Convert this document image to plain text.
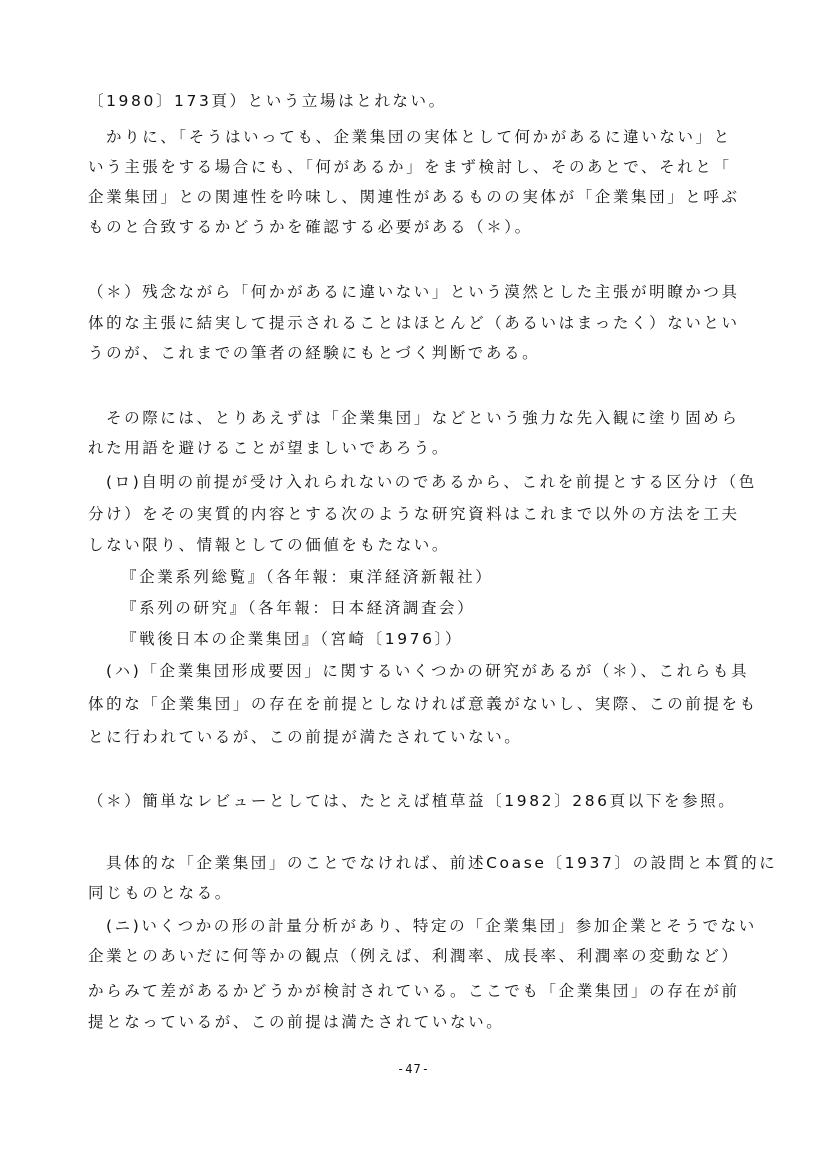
〔1980〕173頁）という立場はとれない。
かりに、「そうはいっても、企業集団の実体として何かがあるに違いない」と
いう主張をする場合にも、「何があるか」をまず検討し、そのあとで、それと「
企業集団」との関連性を吟味し、関連性があるものの実体が「企業集団」と呼ぶ
ものと合致するかどうかを確認する必要がある（＊）。
（＊）残念ながら「何かがあるに違いない」という漠然とした主張が明瞭かつ具
体的な主張に結実して提示されることはほとんど（あるいはまったく）ないとい
うのが、これまでの筆者の経験にもとづく判断である。
その際には、とりあえずは「企業集団」などという強力な先入観に塗り固めら
れた用語を避けることが望ましいであろう。
(ロ)自明の前提が受け入れられないのであるから、これを前提とする区分け（色
分け）をその実質的内容とする次のような研究資料はこれまで以外の方法を工夫
しない限り、情報としての価値をもたない。
『企業系列総覧』（各年報：東洋経済新報社）
『系列の研究』（各年報：日本経済調査会）
『戦後日本の企業集団』（宮崎〔1976〕）
(ハ)「企業集団形成要因」に関するいくつかの研究があるが（＊）、これらも具
体的な「企業集団」の存在を前提としなければ意義がないし、実際、この前提をも
とに行われているが、この前提が満たされていない。
（＊）簡単なレビューとしては、たとえば植草益〔1982〕286頁以下を参照。
具体的な「企業集団」のことでなければ、前述Coase〔1937〕の設問と本質的に
同じものとなる。
(ニ)いくつかの形の計量分析があり、特定の「企業集団」参加企業とそうでない
企業とのあいだに何等かの観点（例えば、利潤率、成長率、利潤率の変動など）
からみて差があるかどうかが検討されている。ここでも「企業集団」の存在が前
提となっているが、この前提は満たされていない。
-47-
